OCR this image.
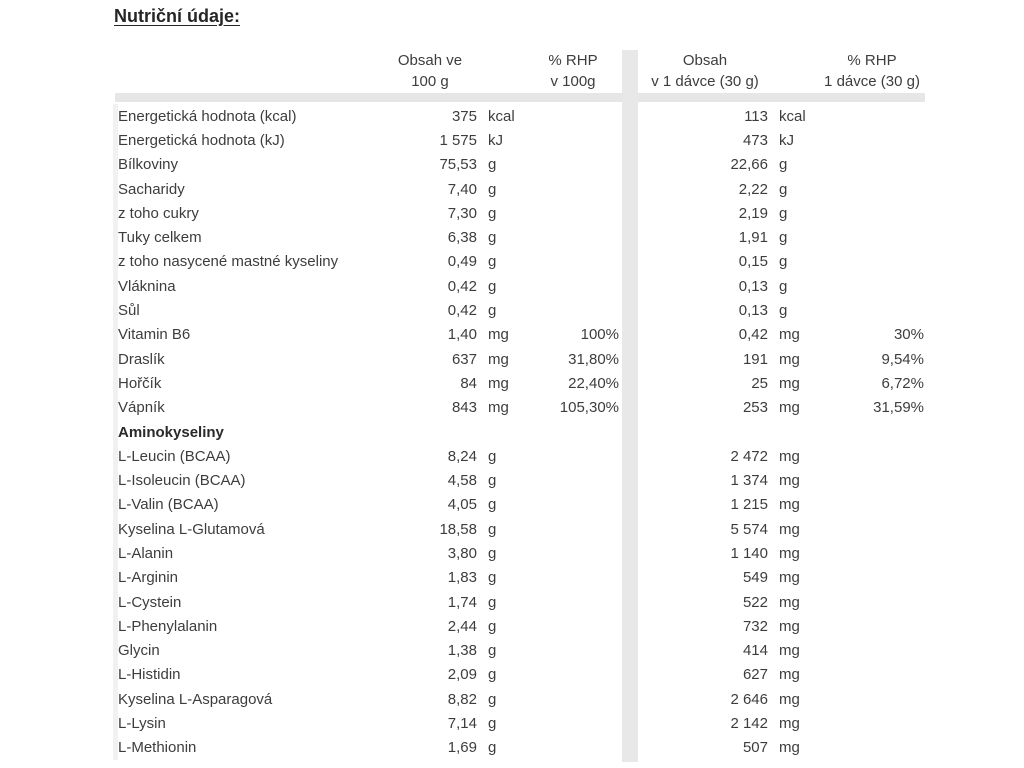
Nutriční údaje:
Obsah ve
100 g
% RHP
v 100g
Obsah
v 1 dávce (30 g)
% RHP
1 dávce (30 g)
Energetická hodnota (kcal)	375 kcal	113 kcal
Energetická hodnota (kJ)	1 575 kJ	473 kJ
Bílkoviny	75,53 g	22,66 g
Sacharidy	7,40 g	2,22 g
z toho cukry	7,30 g	2,19 g
Tuky celkem	6,38 g	1,91 g
z toho nasycené mastné kyseliny	0,49 g	0,15 g
Vláknina	0,42 g	0,13 g
Sůl	0,42 g	0,13 g
Vitamin B6	1,40 mg	100%	0,42 mg	30%
Draslík	637 mg	31,80%	191 mg	9,54%
Hořčík	84 mg	22,40%	25 mg	6,72%
Vápník	843 mg	105,30%	253 mg	31,59%
Aminokyseliny
L-Leucin (BCAA)	8,24 g	2 472 mg
L-Isoleucin (BCAA)	4,58 g	1 374 mg
L-Valin (BCAA)	4,05 g	1 215 mg
Kyselina L-Glutamová	18,58 g	5 574 mg
L-Alanin	3,80 g	1 140 mg
L-Arginin	1,83 g	549 mg
L-Cystein	1,74 g	522 mg
L-Phenylalanin	2,44 g	732 mg
Glycin	1,38 g	414 mg
L-Histidin	2,09 g	627 mg
Kyselina L-Asparagová	8,82 g	2 646 mg
L-Lysin	7,14 g	2 142 mg
L-Methionin	1,69 g	507 mg
